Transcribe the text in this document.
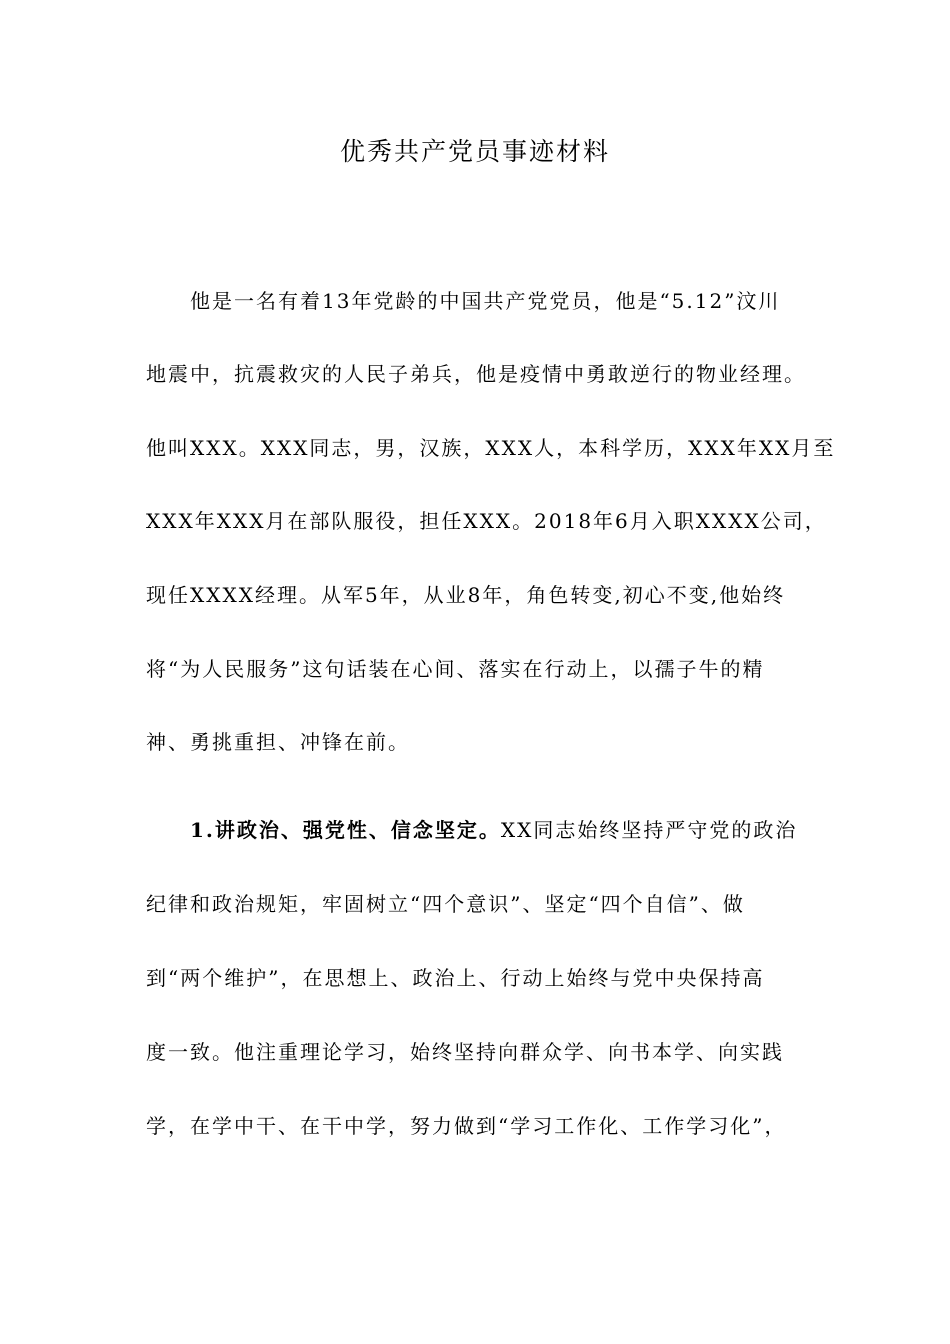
优秀共产党员事迹材料
他是一名有着13年党龄的中国共产党党员，他是“5.12”汶川
地震中，抗震救灾的人民子弟兵，他是疫情中勇敢逆行的物业经理。
他叫XXX。XXX同志，男，汉族，XXX人，本科学历，XXX年XX月至
XXX年XXX月在部队服役，担任XXX。2018年6月入职XXXX公司，
现任XXXX经理。从军5年，从业8年，角色转变,初心不变,他始终
将“为人民服务”这句话装在心间、落实在行动上，以孺子牛的精
神、勇挑重担、冲锋在前。
1.讲政治、强党性、信念坚定。XX同志始终坚持严守党的政治
纪律和政治规矩，牢固树立“四个意识”、坚定“四个自信”、做
到“两个维护”，在思想上、政治上、行动上始终与党中央保持高
度一致。他注重理论学习，始终坚持向群众学、向书本学、向实践
学，在学中干、在干中学，努力做到“学习工作化、工作学习化”，
